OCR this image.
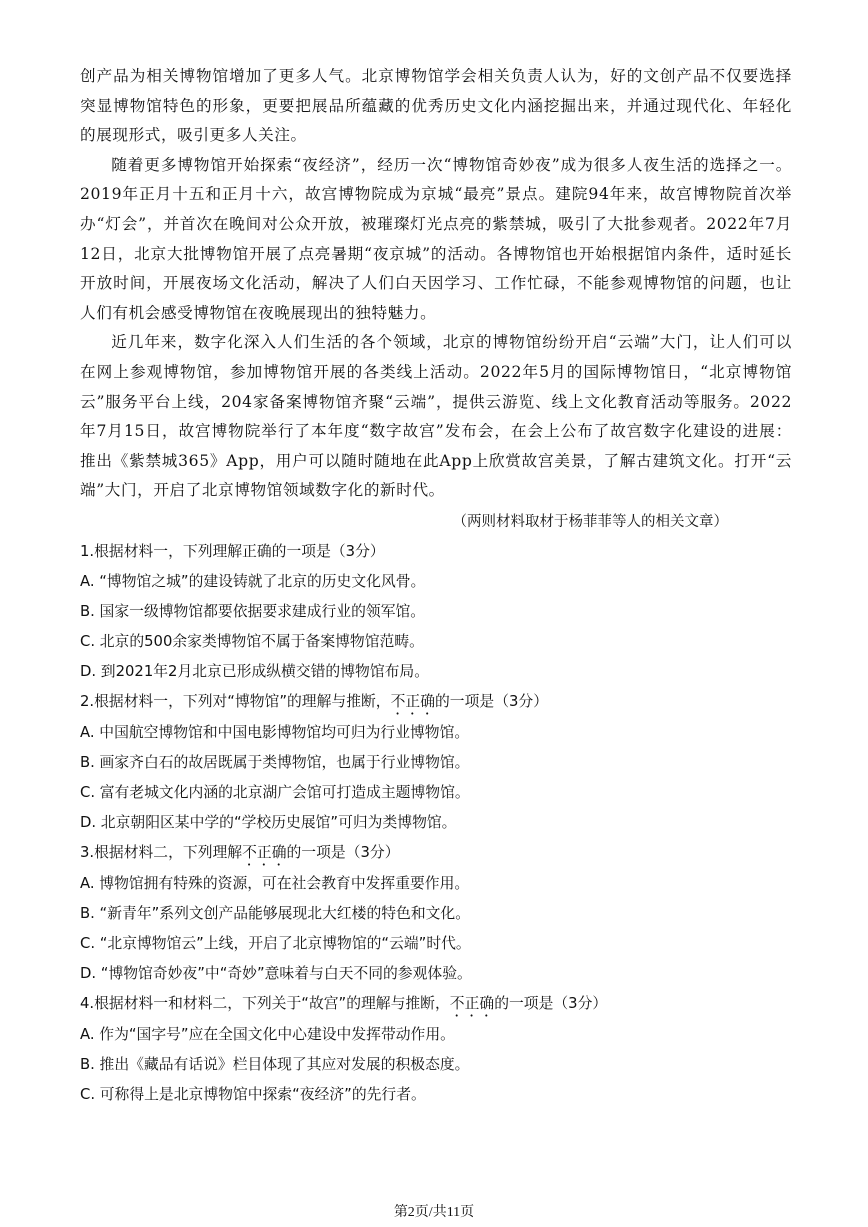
创产品为相关博物馆增加了更多人气。北京博物馆学会相关负责人认为，好的文创产品不仅要选择突显博物馆特色的形象，更要把展品所蕴藏的优秀历史文化内涵挖掘出来，并通过现代化、年轻化的展现形式，吸引更多人关注。

随着更多博物馆开始探索“夜经济”，经历一次“博物馆奇妙夜”成为很多人夜生活的选择之一。2019年正月十五和正月十六，故宫博物院成为京城“最亮”景点。建院94年来，故宫博物院首次举办“灯会”，并首次在晚间对公众开放，被璀璨灯光点亮的紫禁城，吸引了大批参观者。2022年7月12日，北京大批博物馆开展了点亮暑期“夜京城”的活动。各博物馆也开始根据馆内条件，适时延长开放时间，开展夜场文化活动，解决了人们白天因学习、工作忙碌，不能参观博物馆的问题，也让人们有机会感受博物馆在夜晚展现出的独特魅力。

近几年来，数字化深入人们生活的各个领域，北京的博物馆纷纷开启“云端”大门，让人们可以在网上参观博物馆，参加博物馆开展的各类线上活动。2022年5月的国际博物馆日，“北京博物馆云”服务平台上线，204家备案博物馆齐聚“云端”，提供云游览、线上文化教育活动等服务。2022年7月15日，故宫博物院举行了本年度“数字故宫”发布会，在会上公布了故宫数字化建设的进展：推出《紫禁城365》App，用户可以随时随地在此App上欣赏故宫美景，了解古建筑文化。打开“云端”大门，开启了北京博物馆领域数字化的新时代。

（两则材料取材于杨菲菲等人的相关文章）

1.根据材料一，下列理解正确的一项是（3分）

A. “博物馆之城”的建设铸就了北京的历史文化风骨。

B. 国家一级博物馆都要依据要求建成行业的领军馆。

C. 北京的500余家类博物馆不属于备案博物馆范畴。

D. 到2021年2月北京已形成纵横交错的博物馆布局。

2.根据材料一，下列对“博物馆”的理解与推断，不正确的一项是（3分）

A. 中国航空博物馆和中国电影博物馆均可归为行业博物馆。

B. 画家齐白石的故居既属于类博物馆，也属于行业博物馆。

C. 富有老城文化内涵的北京湖广会馆可打造成主题博物馆。

D. 北京朝阳区某中学的“学校历史展馆”可归为类博物馆。

3.根据材料二，下列理解不正确的一项是（3分）

A. 博物馆拥有特殊的资源，可在社会教育中发挥重要作用。

B. “新青年”系列文创产品能够展现北大红楼的特色和文化。

C. “北京博物馆云”上线，开启了北京博物馆的“云端”时代。

D. “博物馆奇妙夜”中“奇妙”意味着与白天不同的参观体验。

4.根据材料一和材料二，下列关于“故宫”的理解与推断，不正确的一项是（3分）

A. 作为“国字号”应在全国文化中心建设中发挥带动作用。

B. 推出《藏品有话说》栏目体现了其应对发展的积极态度。

C. 可称得上是北京博物馆中探索“夜经济”的先行者。

第2页/共11页
